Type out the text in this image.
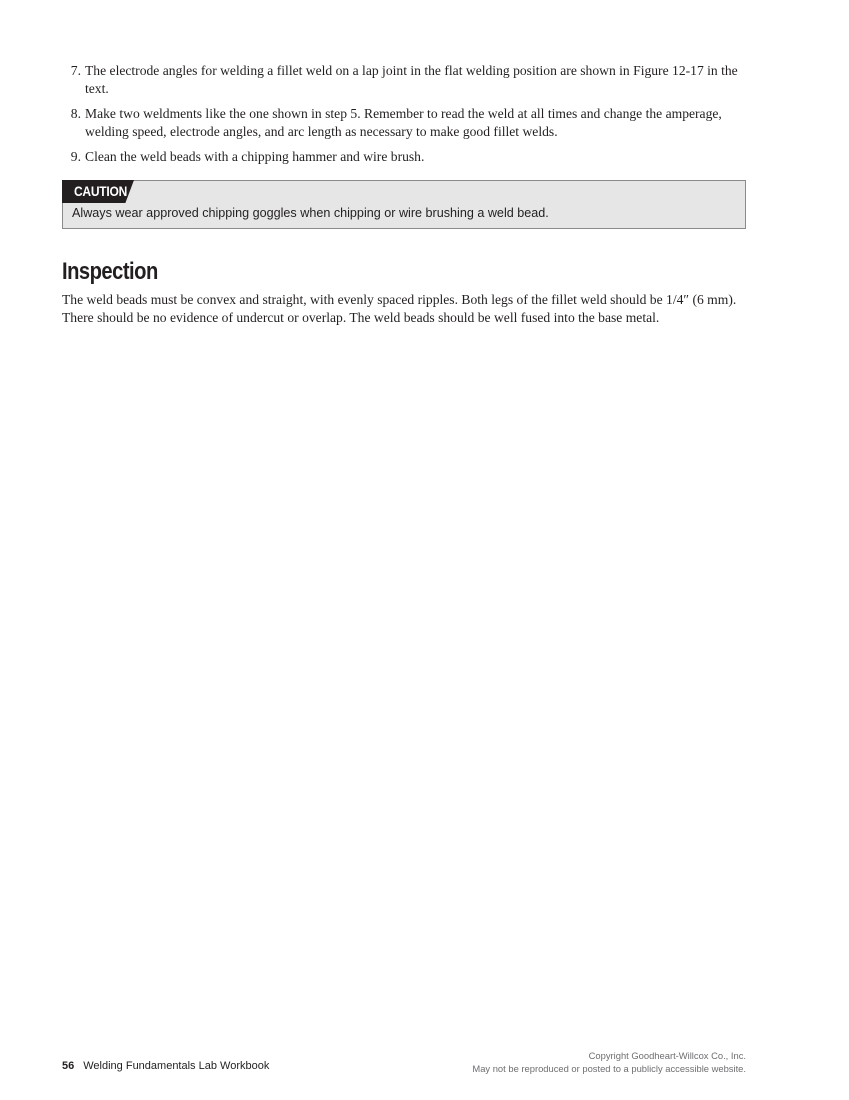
7. The electrode angles for welding a fillet weld on a lap joint in the flat welding position are shown in Figure 12-17 in the text.
8. Make two weldments like the one shown in step 5. Remember to read the weld at all times and change the amperage, welding speed, electrode angles, and arc length as necessary to make good fillet welds.
9. Clean the weld beads with a chipping hammer and wire brush.
CAUTION
Always wear approved chipping goggles when chipping or wire brushing a weld bead.
Inspection

The weld beads must be convex and straight, with evenly spaced ripples. Both legs of the fillet weld should be 1/4″ (6 mm). There should be no evidence of undercut or overlap. The weld beads should be well fused into the base metal.

56 Welding Fundamentals Lab Workbook
Copyright Goodheart-Willcox Co., Inc.
May not be reproduced or posted to a publicly accessible website.
